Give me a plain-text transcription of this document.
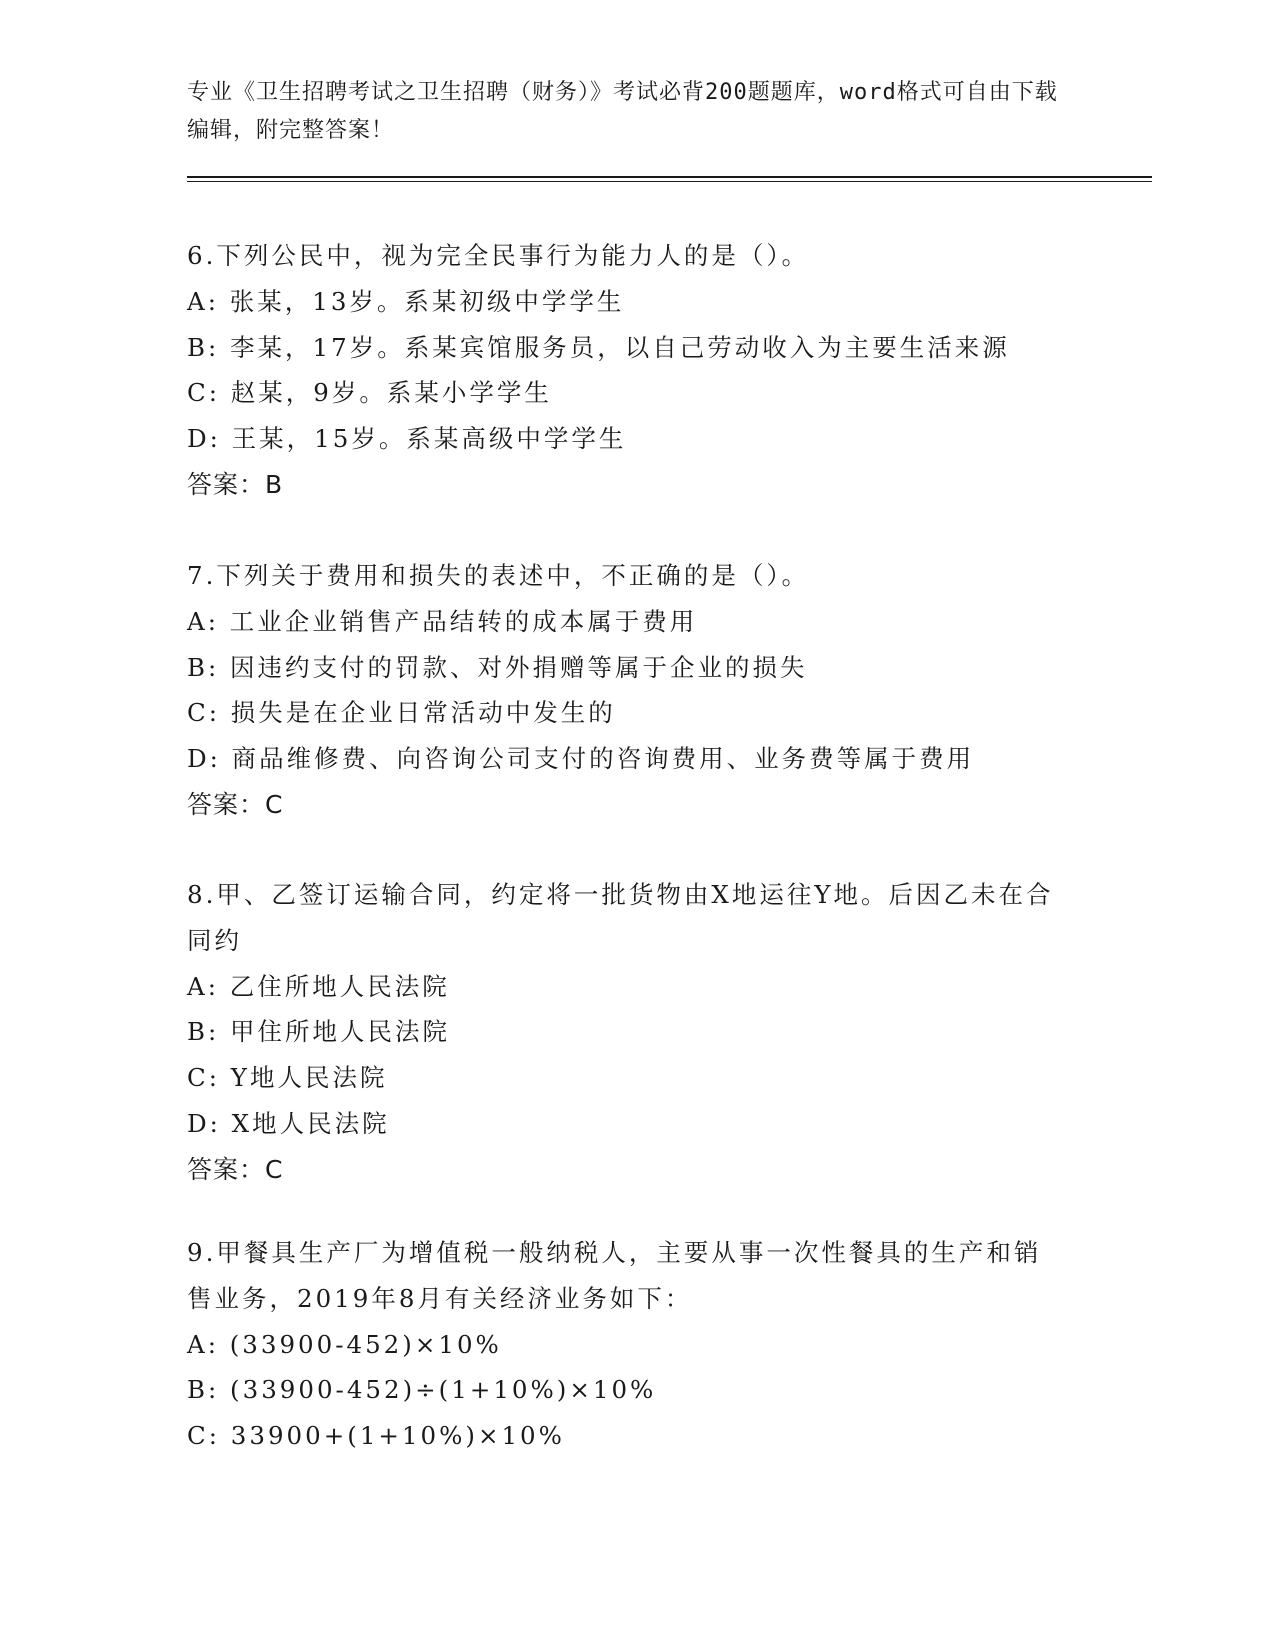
专业《卫生招聘考试之卫生招聘（财务）》考试必背200题题库，word格式可自由下载编辑，附完整答案！
6.下列公民中，视为完全民事行为能力人的是（）。
A: 张某，13岁。系某初级中学学生
B: 李某，17岁。系某宾馆服务员，以自己劳动收入为主要生活来源
C: 赵某，9岁。系某小学学生
D: 王某，15岁。系某高级中学学生
答案：B
7.下列关于费用和损失的表述中，不正确的是（）。
A: 工业企业销售产品结转的成本属于费用
B: 因违约支付的罚款、对外捐赠等属于企业的损失
C: 损失是在企业日常活动中发生的
D: 商品维修费、向咨询公司支付的咨询费用、业务费等属于费用
答案：C
8.甲、乙签订运输合同，约定将一批货物由X地运往Y地。后因乙未在合同约
A: 乙住所地人民法院
B: 甲住所地人民法院
C: Y地人民法院
D: X地人民法院
答案：C
9.甲餐具生产厂为增值税一般纳税人，主要从事一次性餐具的生产和销售业务，2019年8月有关经济业务如下：
A: (33900-452)×10%
B: (33900-452)÷(1+10%)×10%
C: 33900+(1+10%)×10%
